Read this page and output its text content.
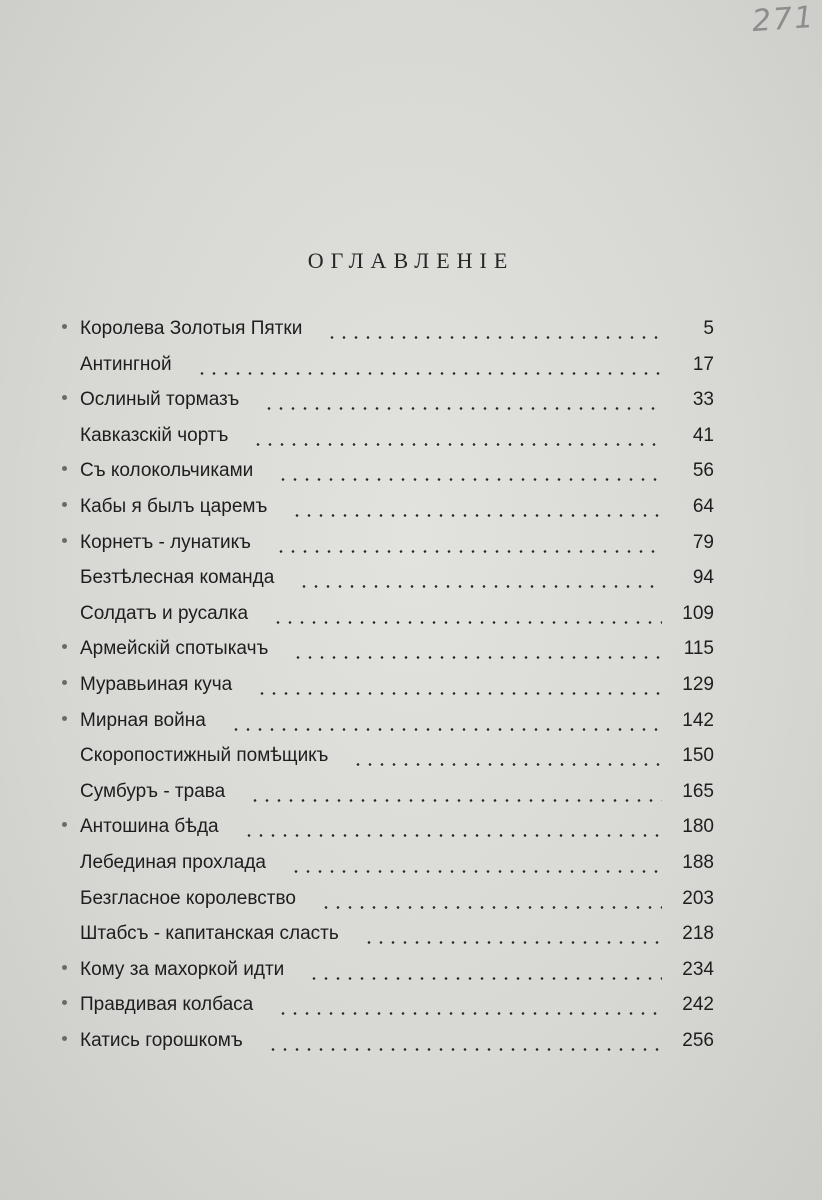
271
ОГЛАВЛЕНІЕ
Королева Золотыя Пятки	5
Антингной	17
Ослиный тормазъ	33
Кавказскій чортъ	41
Съ колокольчиками	56
Кабы я былъ царемъ	64
Корнетъ - лунатикъ	79
Безтѣлесная команда	94
Солдатъ и русалка	109
Армейскій спотыкачъ	115
Муравьиная куча	129
Мирная война	142
Скоропостижный помѣщикъ	150
Сумбуръ - трава	165
Антошина бѣда	180
Лебединая прохлада	188
Безгласное королевство	203
Штабсъ - капитанская сласть	218
Кому за махоркой идти	234
Правдивая колбаса	242
Катись горошкомъ	256
